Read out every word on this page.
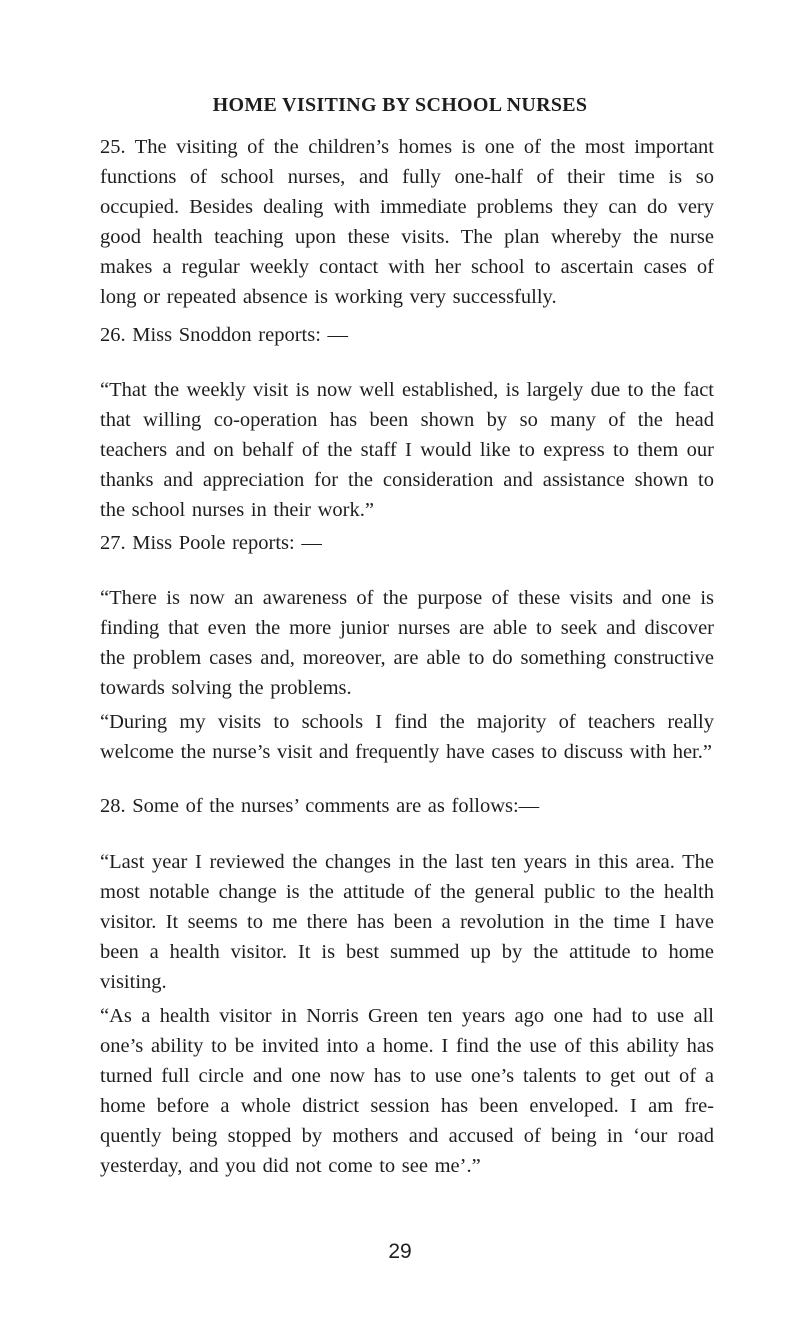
HOME VISITING BY SCHOOL NURSES
25. The visiting of the children’s homes is one of the most important functions of school nurses, and fully one-half of their time is so occupied. Besides dealing with immediate problems they can do very good health teaching upon these visits. The plan whereby the nurse makes a regular weekly contact with her school to ascertain cases of long or repeated absence is working very successfully.
26. Miss Snoddon reports: —
“That the weekly visit is now well established, is largely due to the fact that willing co-operation has been shown by so many of the head teachers and on behalf of the staff I would like to express to them our thanks and appreciation for the consideration and assistance shown to the school nurses in their work.”
27. Miss Poole reports: —
“There is now an awareness of the purpose of these visits and one is finding that even the more junior nurses are able to seek and discover the problem cases and, moreover, are able to do something constructive towards solving the problems.
“During my visits to schools I find the majority of teachers really welcome the nurse’s visit and frequently have cases to discuss with her.”
28. Some of the nurses’ comments are as follows:—
“Last year I reviewed the changes in the last ten years in this area. The most notable change is the attitude of the general public to the health visitor. It seems to me there has been a revolution in the time I have been a health visitor. It is best summed up by the attitude to home visiting.
“As a health visitor in Norris Green ten years ago one had to use all one’s ability to be invited into a home. I find the use of this ability has turned full circle and one now has to use one’s talents to get out of a home before a whole district session has been enveloped. I am fre- quently being stopped by mothers and accused of being in ‘our road yesterday, and you did not come to see me’.”
29
